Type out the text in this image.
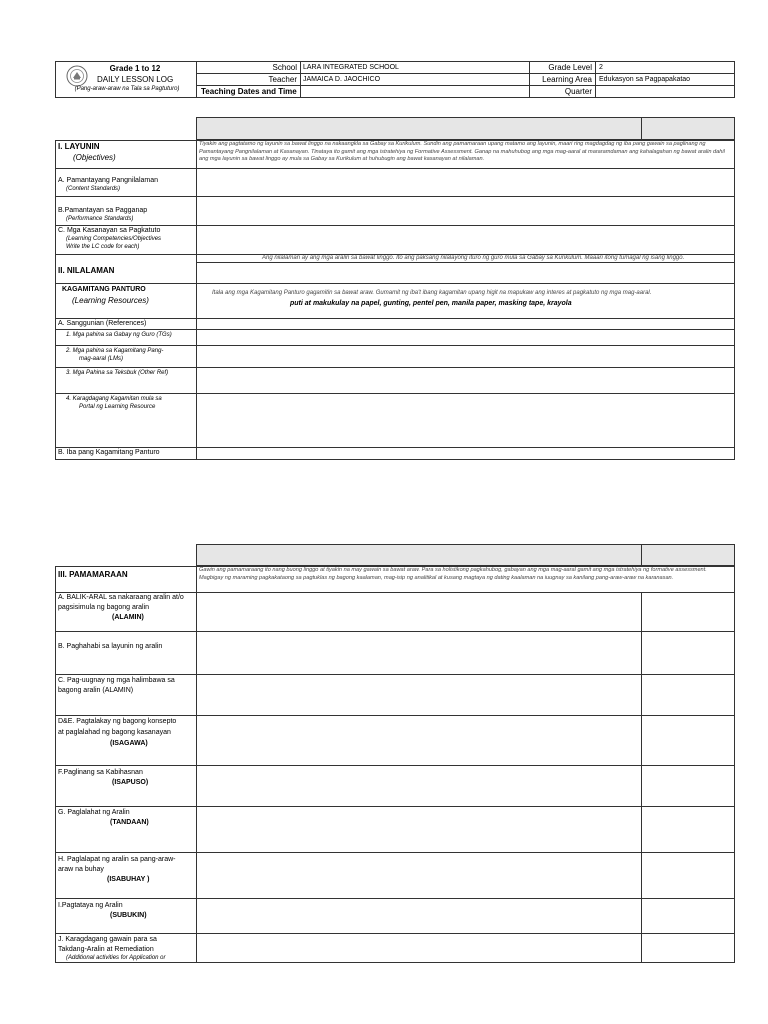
Grade 1 to 12
DAILY LESSON LOG
(Pang-araw-araw na Tala sa Pagtuturo)
School LARA INTEGRATED SCHOOL
Teacher JAMAICA D. JAOCHICO
Teaching Dates and Time
Grade Level 2
Learning Area Edukasyon sa Pagpapakatao
Quarter
I. LAYUNIN
(Objectives)
Tiyakin ang pagtatamo ng layunin sa bawat linggo na nakaangkla sa Gabay sa Kurikulum. Sundin ang pamamaraan upang matamo ang layunin, maari ring magdagdag ng iba pang gawain sa paglinang ng Pamantayang Pangnilalaman at Kasanayan. Tinataya ito gamit ang mga istratehiya ng Formative Assessment. Ganap na mahuhubog ang mga mag-aaral at mararamdaman ang kahalagahan ng bawat aralin dahil ang mga layunin sa bawat linggo ay mula sa Gabay sa Kurikulum at huhubugin ang bawat kasanayan at nilalaman.
A. Pamantayang Pangnilalaman
(Content Standards)
B.Pamantayan sa Pagganap
(Performance Standards)
C. Mga Kasanayan sa Pagkatuto
(Learning Competencies/Objectives
Write the LC code for each)
II. NILALAMAN
Ang nilalaman ay ang mga aralin sa bawat linggo. Ito ang paksang nilalayong ituro ng guro mula sa Gabay sa Kurikulum. Maaari itong tumagal ng isang linggo.
KAGAMITANG PANTURO
(Learning Resources)
Itala ang mga Kagamitang Panturo gagamitin sa bawat araw. Gumamit ng iba't ibang kagamitan upang higit na mapukaw ang interes at pagkatuto ng mga mag-aaral.
puti at makukulay na papel, gunting, pentel pen, manila paper, masking tape, krayola
A. Sanggunian (References)
1. Mga pahina sa Gabay ng Guro (TGs)
2. Mga pahina sa Kagamitang Pang-
mag-aaral (LMs)
3. Mga Pahina sa Teksbuk (Other Ref)
4. Karagdagang Kagamitan mula sa
Portal ng Learning Resource
B. Iba pang Kagamitang Panturo
III. PAMAMARAAN	Gawin ang pamamaraang ito nang buong linggo at tiyakin na may gawain sa bawat araw. Para sa holistikong pagkahubog, gabayan ang mga mag-aaral gamit ang mga istratehiya ng formative assessment. Magbigay ng maraming pagkakataong sa pagtuklas ng bagong kaalaman, mag-isip ng analitikal at kusang magtaya ng dating kaalaman na iuugnay sa kanilang pang-araw-araw na karanasan.
A. BALIK-ARAL sa nakaraang aralin at/o
pagsisimula ng bagong aralin
(ALAMIN)
B. Paghahabi sa layunin ng aralin
C. Pag-uugnay ng mga halimbawa sa
bagong aralin (ALAMIN)
D&E. Pagtalakay ng bagong konsepto
at paglalahad ng bagong kasanayan
(ISAGAWA)
F.Paglinang sa Kabihasnan
(ISAPUSO)
G. Paglalahat ng Aralin
(TANDAAN)
H. Paglalapat ng aralin sa pang-araw-
araw na buhay
(ISABUHAY )
I.Pagtataya ng Aralin
(SUBUKIN)
J. Karagdagang gawain para sa
Takdang-Aralin at Remediation
(Additional activities for Application or
